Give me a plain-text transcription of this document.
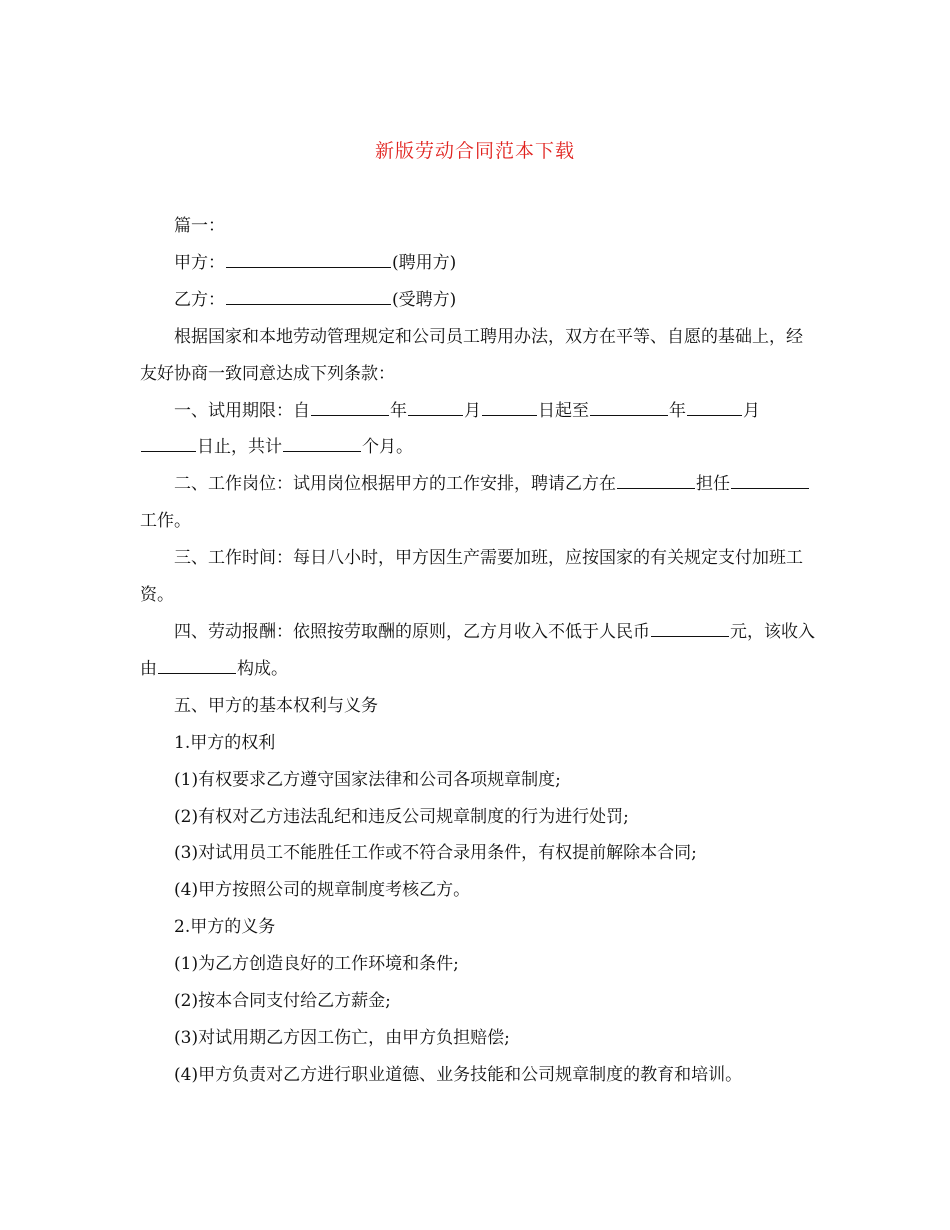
新版劳动合同范本下载

篇一：

甲方：	(聘用方)

乙方：	(受聘方)

根据国家和本地劳动管理规定和公司员工聘用办法，双方在平等、自愿的基础上，经友好协商一致同意达成下列条款：

一、试用期限：自	年	月	日起至	年	月日止，共计	个月。

二、工作岗位：试用岗位根据甲方的工作安排，聘请乙方在	担任工作。

三、工作时间：每日八小时，甲方因生产需要加班，应按国家的有关规定支付加班工资。

四、劳动报酬：依照按劳取酬的原则，乙方月收入不低于人民币	元，该收入由	构成。

五、甲方的基本权利与义务

1.甲方的权利

(1)有权要求乙方遵守国家法律和公司各项规章制度;

(2)有权对乙方违法乱纪和违反公司规章制度的行为进行处罚;

(3)对试用员工不能胜任工作或不符合录用条件，有权提前解除本合同;

(4)甲方按照公司的规章制度考核乙方。

2.甲方的义务

(1)为乙方创造良好的工作环境和条件;

(2)按本合同支付给乙方薪金;

(3)对试用期乙方因工伤亡，由甲方负担赔偿;

(4)甲方负责对乙方进行职业道德、业务技能和公司规章制度的教育和培训。
